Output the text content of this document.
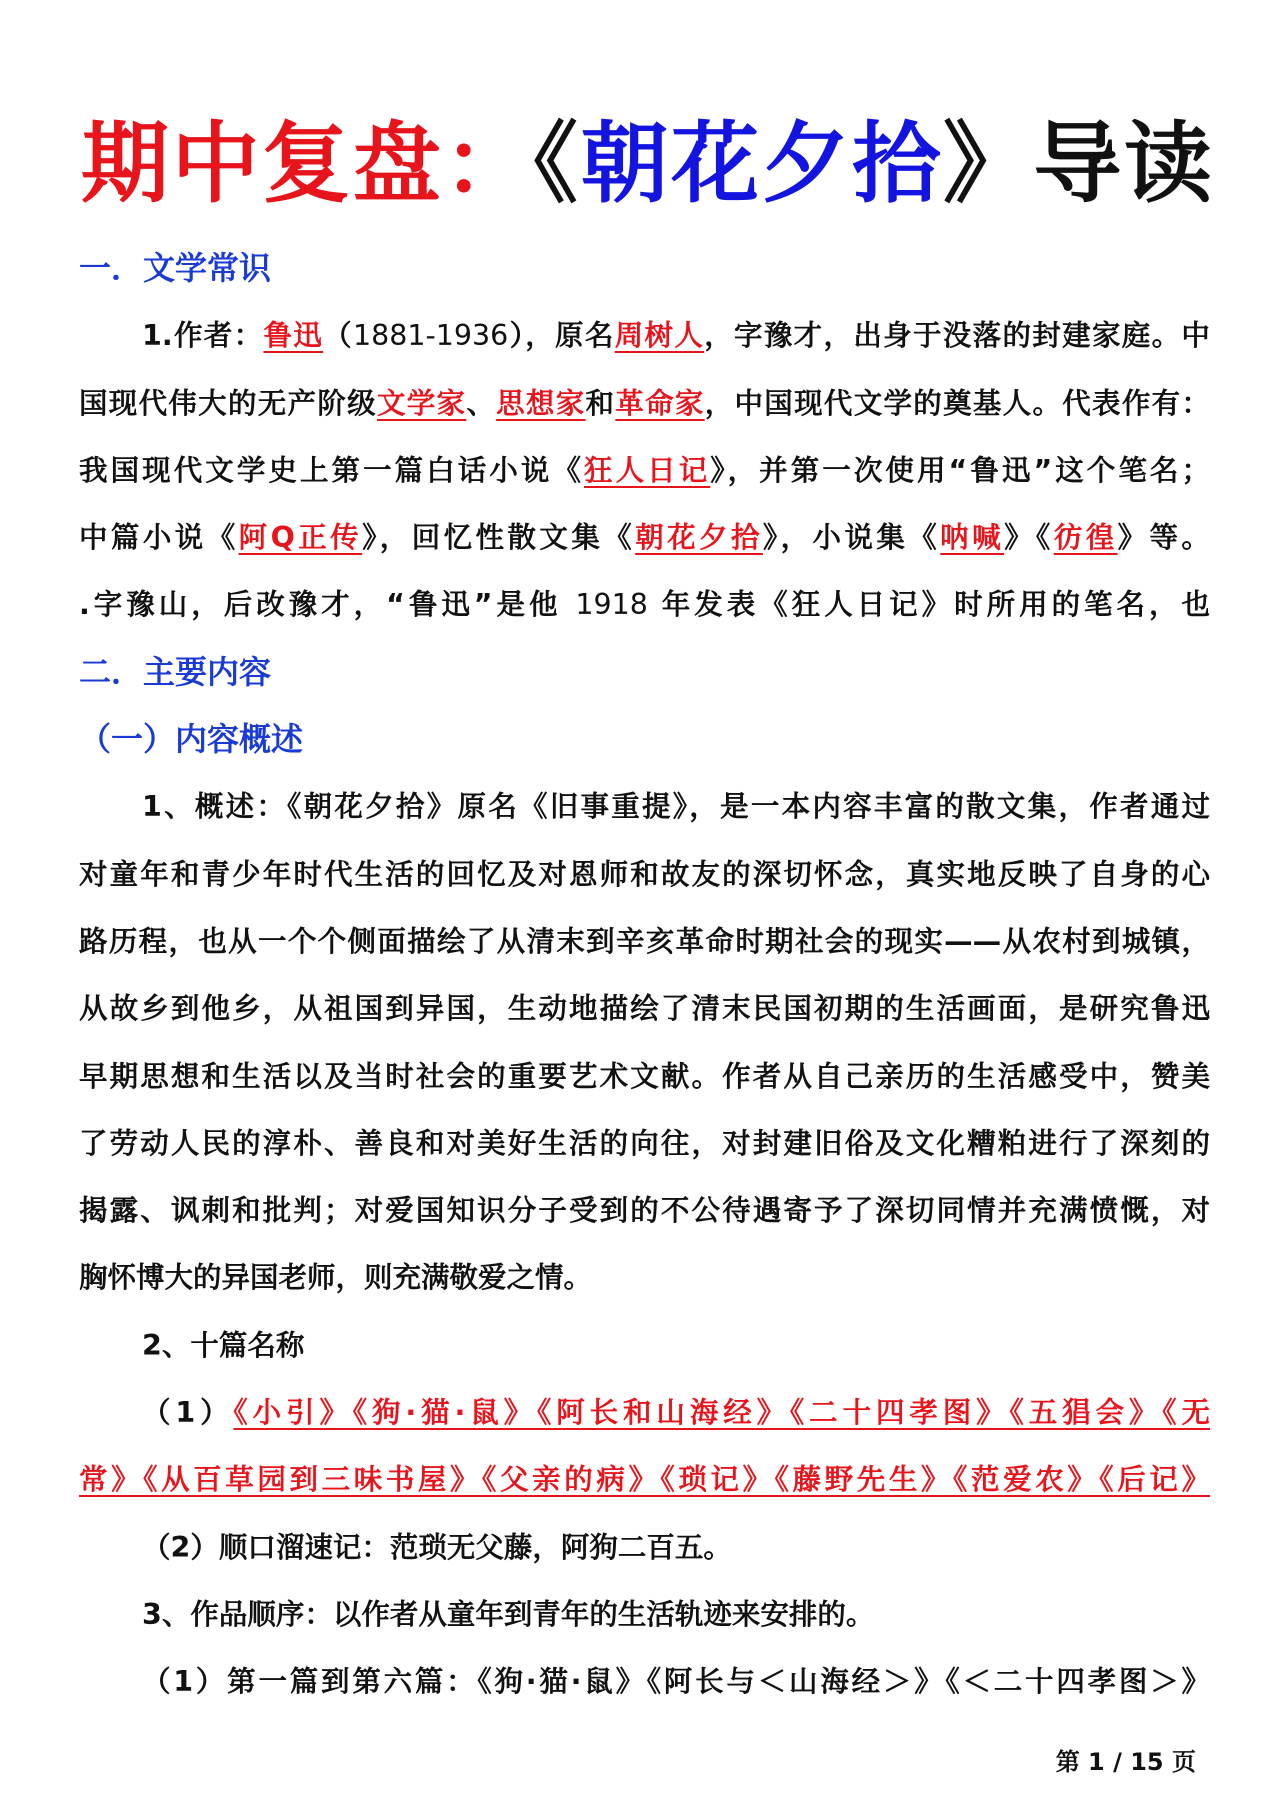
期中复盘：《朝花夕拾》导读
一．文学常识
1.作者：鲁迅（1881-1936），原名周树人，字豫才，出身于没落的封建家庭。中
国现代伟大的无产阶级文学家、思想家和革命家，中国现代文学的奠基人。代表作有：
我国现代文学史上第一篇白话小说《狂人日记》，并第一次使用“鲁迅”这个笔名；
中篇小说《阿Q正传》，回忆性散文集《朝花夕拾》，小说集《呐喊》《彷徨》等。
.字豫山，后改豫才，“鲁迅”是他 1918 年发表《狂人日记》时所用的笔名，也
二．主要内容
（一）内容概述
1、概述：《朝花夕拾》原名《旧事重提》，是一本内容丰富的散文集，作者通过
对童年和青少年时代生活的回忆及对恩师和故友的深切怀念，真实地反映了自身的心
路历程，也从一个个侧面描绘了从清末到辛亥革命时期社会的现实——从农村到城镇，
从故乡到他乡，从祖国到异国，生动地描绘了清末民国初期的生活画面，是研究鲁迅
早期思想和生活以及当时社会的重要艺术文献。作者从自己亲历的生活感受中，赞美
了劳动人民的淳朴、善良和对美好生活的向往，对封建旧俗及文化糟粕进行了深刻的
揭露、讽刺和批判；对爱国知识分子受到的不公待遇寄予了深切同情并充满愤慨，对
胸怀博大的异国老师，则充满敬爱之情。
2、十篇名称
（1）《小引》《狗·猫·鼠》《阿长和山海经》《二十四孝图》《五猖会》《无
常》《从百草园到三味书屋》《父亲的病》《琐记》《藤野先生》《范爱农》《后记》
（2）顺口溜速记：范琐无父藤，阿狗二百五。
3、作品顺序：以作者从童年到青年的生活轨迹来安排的。
（1）第一篇到第六篇：《狗·猫·鼠》《阿长与＜山海经＞》《＜二十四孝图＞》
第 1 / 15 页
